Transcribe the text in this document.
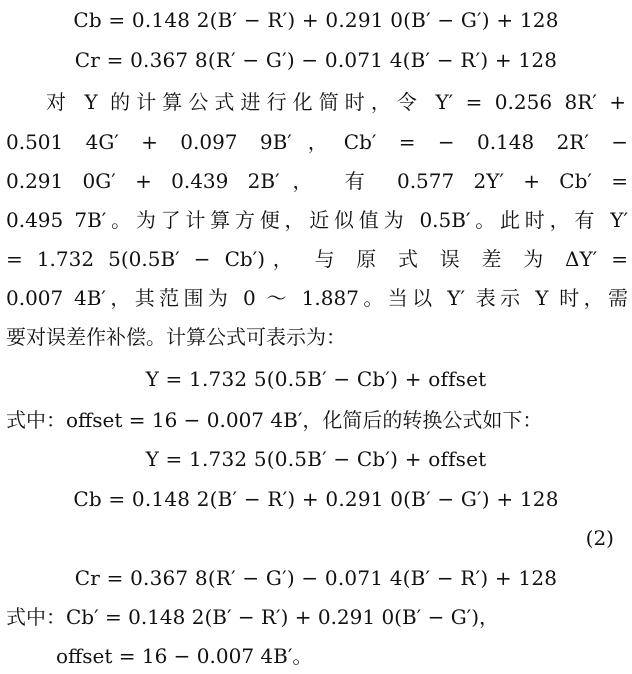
Cb = 0.148 2(B′ − R′) + 0.291 0(B′ − G′) + 128
Cr = 0.367 8(R′ − G′) − 0.071 4(B′ − R′) + 128
对 Y 的计算公式进行化简时，令 Y′ = 0.256 8R′ +
0.501 4G′ + 0.097 9B′，Cb′ = − 0.148 2R′ −
0.291 0G′ + 0.439 2B′， 有 0.577 2Y′ + Cb′ =
0.495 7B′。为了计算方便，近似值为 0.5B′。此时，有 Y′
= 1.732 5(0.5B′ − Cb′)， 与 原 式 误 差 为 ΔY′ =
0.007 4B′，其范围为 0 ～ 1.887。当以 Y′ 表示 Y 时，需
要对误差作补偿。计算公式可表示为：
Y = 1.732 5(0.5B′ − Cb′) + offset
式中：offset = 16 − 0.007 4B′，化简后的转换公式如下：
Y = 1.732 5(0.5B′ − Cb′) + offset
Cb = 0.148 2(B′ − R′) + 0.291 0(B′ − G′) + 128
(2)
Cr = 0.367 8(R′ − G′) − 0.071 4(B′ − R′) + 128
式中：Cb′ = 0.148 2(B′ − R′) + 0.291 0(B′ − G′)，
offset = 16 − 0.007 4B′。
